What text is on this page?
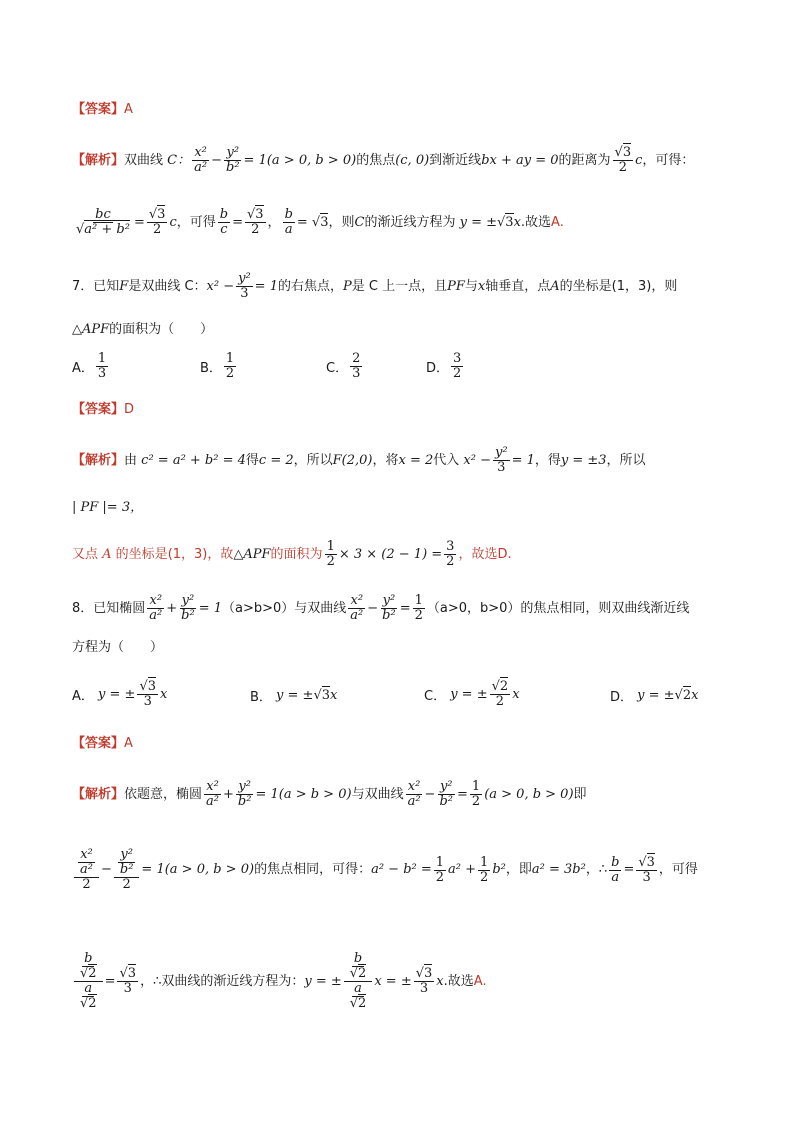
【答案】 A
【解析】 双曲线 C： $\frac{\text{x²}}{\text{a²}} - \frac{\text{y²}}{\text{b²}} = 1(a > 0$, b > 0) 的焦点 (c, 0) 到渐近线 bx + ay = 0 的距离为 $\frac{√3}{2}$ c ，可得：
$\frac{bc}{\text{√a² + b²}} = \frac{√3}{2}$ c ，可得 $\frac{b}{c} = \frac{√3}{2}$ ， $\frac{b}{a} = √3$ ，则 C 的渐近线方程为 y = ±√3x .故选 A.
7．已知 F 是双曲线 C： $x^2 - \frac{\text{y²}}{3} = 1$ 的右焦点， P 是 C 上一点，且 PF 与 x 轴垂直，点 A 的坐标是 (1，3) ，则
△APF 的面积为（　　）
A． $\frac{1}{3}$	B． $\frac{1}{2}$	C． $\frac{2}{3}$	D． $\frac{3}{2}$
【答案】 D
【解析】 由 c² = a² + b² = 4 得 c = 2 ，所以 F(2,0) ，将 x = 2 代入 $x^2 - \frac{\text{y²}}{3} = 1$ ，得 y = ±3 ，所以
| PF |= 3，
又点 A 的坐标是 (1，3) ，故 △APF 的面积为 $\frac{1}{2} \times 3 \times (2 - 1) = \frac{3}{2}$ ，故选 D.
8．已知椭圆 $\frac{\text{x²}}{\text{a²}} + \frac{\text{y²}}{\text{b²}} = 1$ （a>b>0）与双曲线 $\frac{\text{x²}}{\text{a²}} - \frac{\text{y²}}{\text{b²}} = \frac{1}{2} (a>0$，b>0）的焦点相同，则双曲线渐近线
方程为（　　）
A． y = ± $\frac{√3}{3}$ x	B． y = ±√3x	C． y = ± $\frac{√2}{2}$ x	D． y = ±√2x
【答案】 A
【解析】 依题意，椭圆 $\frac{\text{x²}}{\text{a²}} + \frac{\text{y²}}{\text{b²}} = 1(a > b > 0)$ 与双曲线 $\frac{\text{x²}}{\text{a²}} - \frac{\text{y²}}{\text{b²}} = \frac{1}{2} (a > 0$, b > 0) 即
$\frac{\frac{\text{x²}}{\text{a²}}}{2} - \frac{\frac{\text{y²}}{\text{b²}}}{2} = 1(a > 0$, b > 0) 的焦点相同，可得： $a^2 - b^2 = \frac{1}{2} a^2 + \frac{1}{2} b^2$ ，即 a² = 3b² ，∴ $\frac{b}{a} = \frac{√3}{3}$ ，可得
$\frac{\frac{b}{√2}}{\frac{a}{√2}} = \frac{√3}{3}$ ，∴双曲线的渐近线方程为： y = ± $\frac{\frac{b}{√2}}{\frac{a}{√2}}$ x = ± $\frac{√3}{3}$ x .故选 A.
